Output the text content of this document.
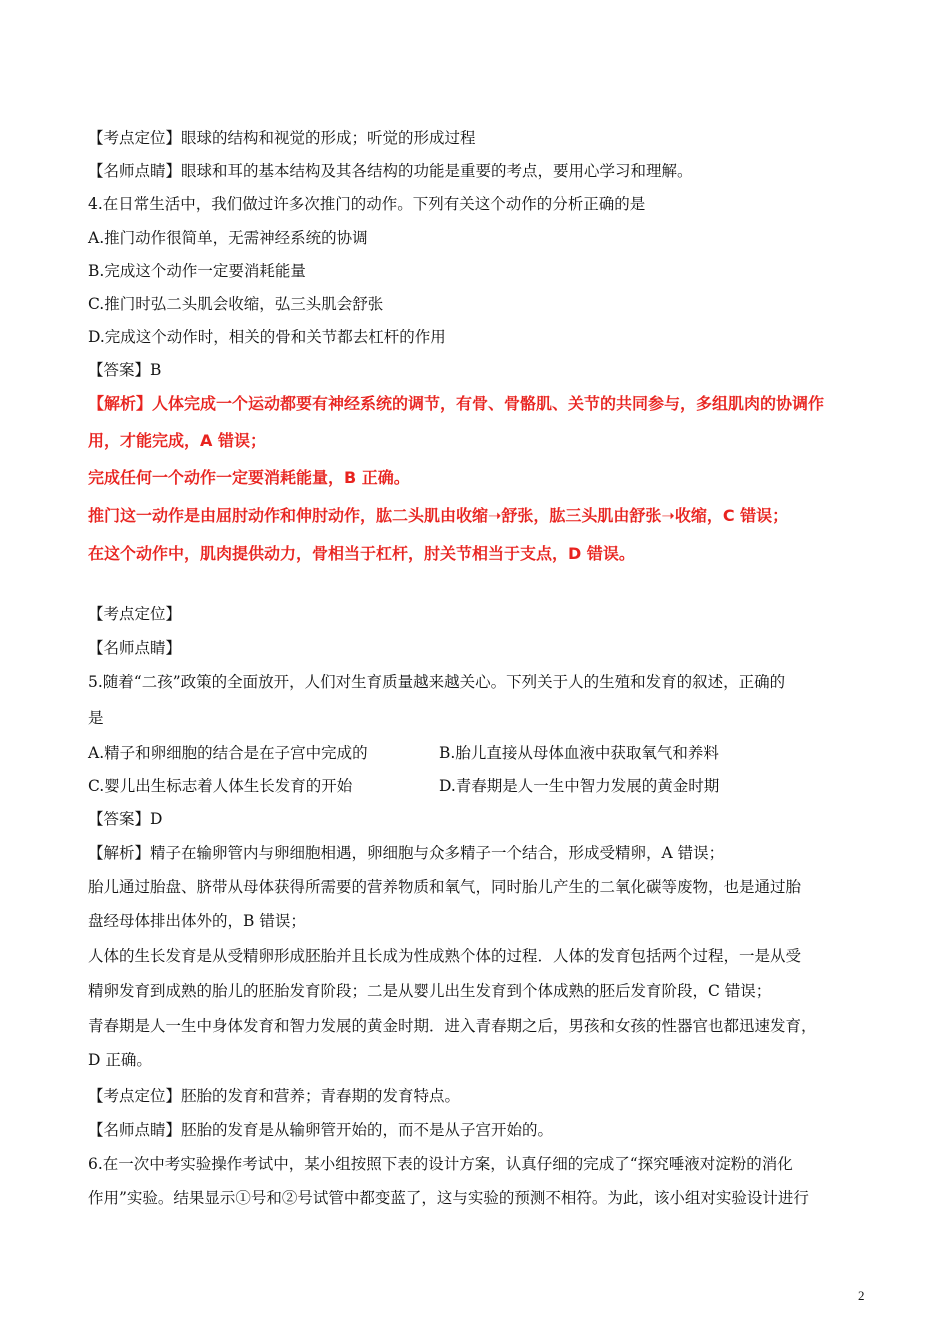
【考点定位】眼球的结构和视觉的形成；听觉的形成过程
【名师点睛】眼球和耳的基本结构及其各结构的功能是重要的考点，要用心学习和理解。
4.在日常生活中，我们做过许多次推门的动作。下列有关这个动作的分析正确的是
A.推门动作很简单，无需神经系统的协调
B.完成这个动作一定要消耗能量
C.推门时弘二头肌会收缩，弘三头肌会舒张
D.完成这个动作时，相关的骨和关节都去杠杆的作用
【答案】B
【解析】人体完成一个运动都要有神经系统的调节，有骨、骨骼肌、关节的共同参与，多组肌肉的协调作
用，才能完成，A 错误；
完成任何一个动作一定要消耗能量，B 正确。
推门这一动作是由屈肘动作和伸肘动作，肱二头肌由收缩➝舒张，肱三头肌由舒张➝收缩，C 错误；
在这个动作中，肌肉提供动力，骨相当于杠杆，肘关节相当于支点，D 错误。
【考点定位】
【名师点睛】
5.随着“二孩”政策的全面放开，人们对生育质量越来越关心。下列关于人的生殖和发育的叙述，正确的
是
A.精子和卵细胞的结合是在子宫中完成的	B.胎儿直接从母体血液中获取氧气和养料
C.婴儿出生标志着人体生长发育的开始	D.青春期是人一生中智力发展的黄金时期
【答案】D
【解析】精子在输卵管内与卵细胞相遇，卵细胞与众多精子一个结合，形成受精卵，A 错误；
胎儿通过胎盘、脐带从母体获得所需要的营养物质和氧气，同时胎儿产生的二氧化碳等废物，也是通过胎
盘经母体排出体外的，B 错误；
人体的生长发育是从受精卵形成胚胎并且长成为性成熟个体的过程．人体的发育包括两个过程，一是从受
精卵发育到成熟的胎儿的胚胎发育阶段；二是从婴儿出生发育到个体成熟的胚后发育阶段，C 错误；
青春期是人一生中身体发育和智力发展的黄金时期．进入青春期之后，男孩和女孩的性器官也都迅速发育，
D 正确。
【考点定位】胚胎的发育和营养；青春期的发育特点。
【名师点睛】胚胎的发育是从输卵管开始的，而不是从子宫开始的。
6.在一次中考实验操作考试中，某小组按照下表的设计方案，认真仔细的完成了“探究唾液对淀粉的消化
作用”实验。结果显示①号和②号试管中都变蓝了，这与实验的预测不相符。为此，该小组对实验设计进行
2
